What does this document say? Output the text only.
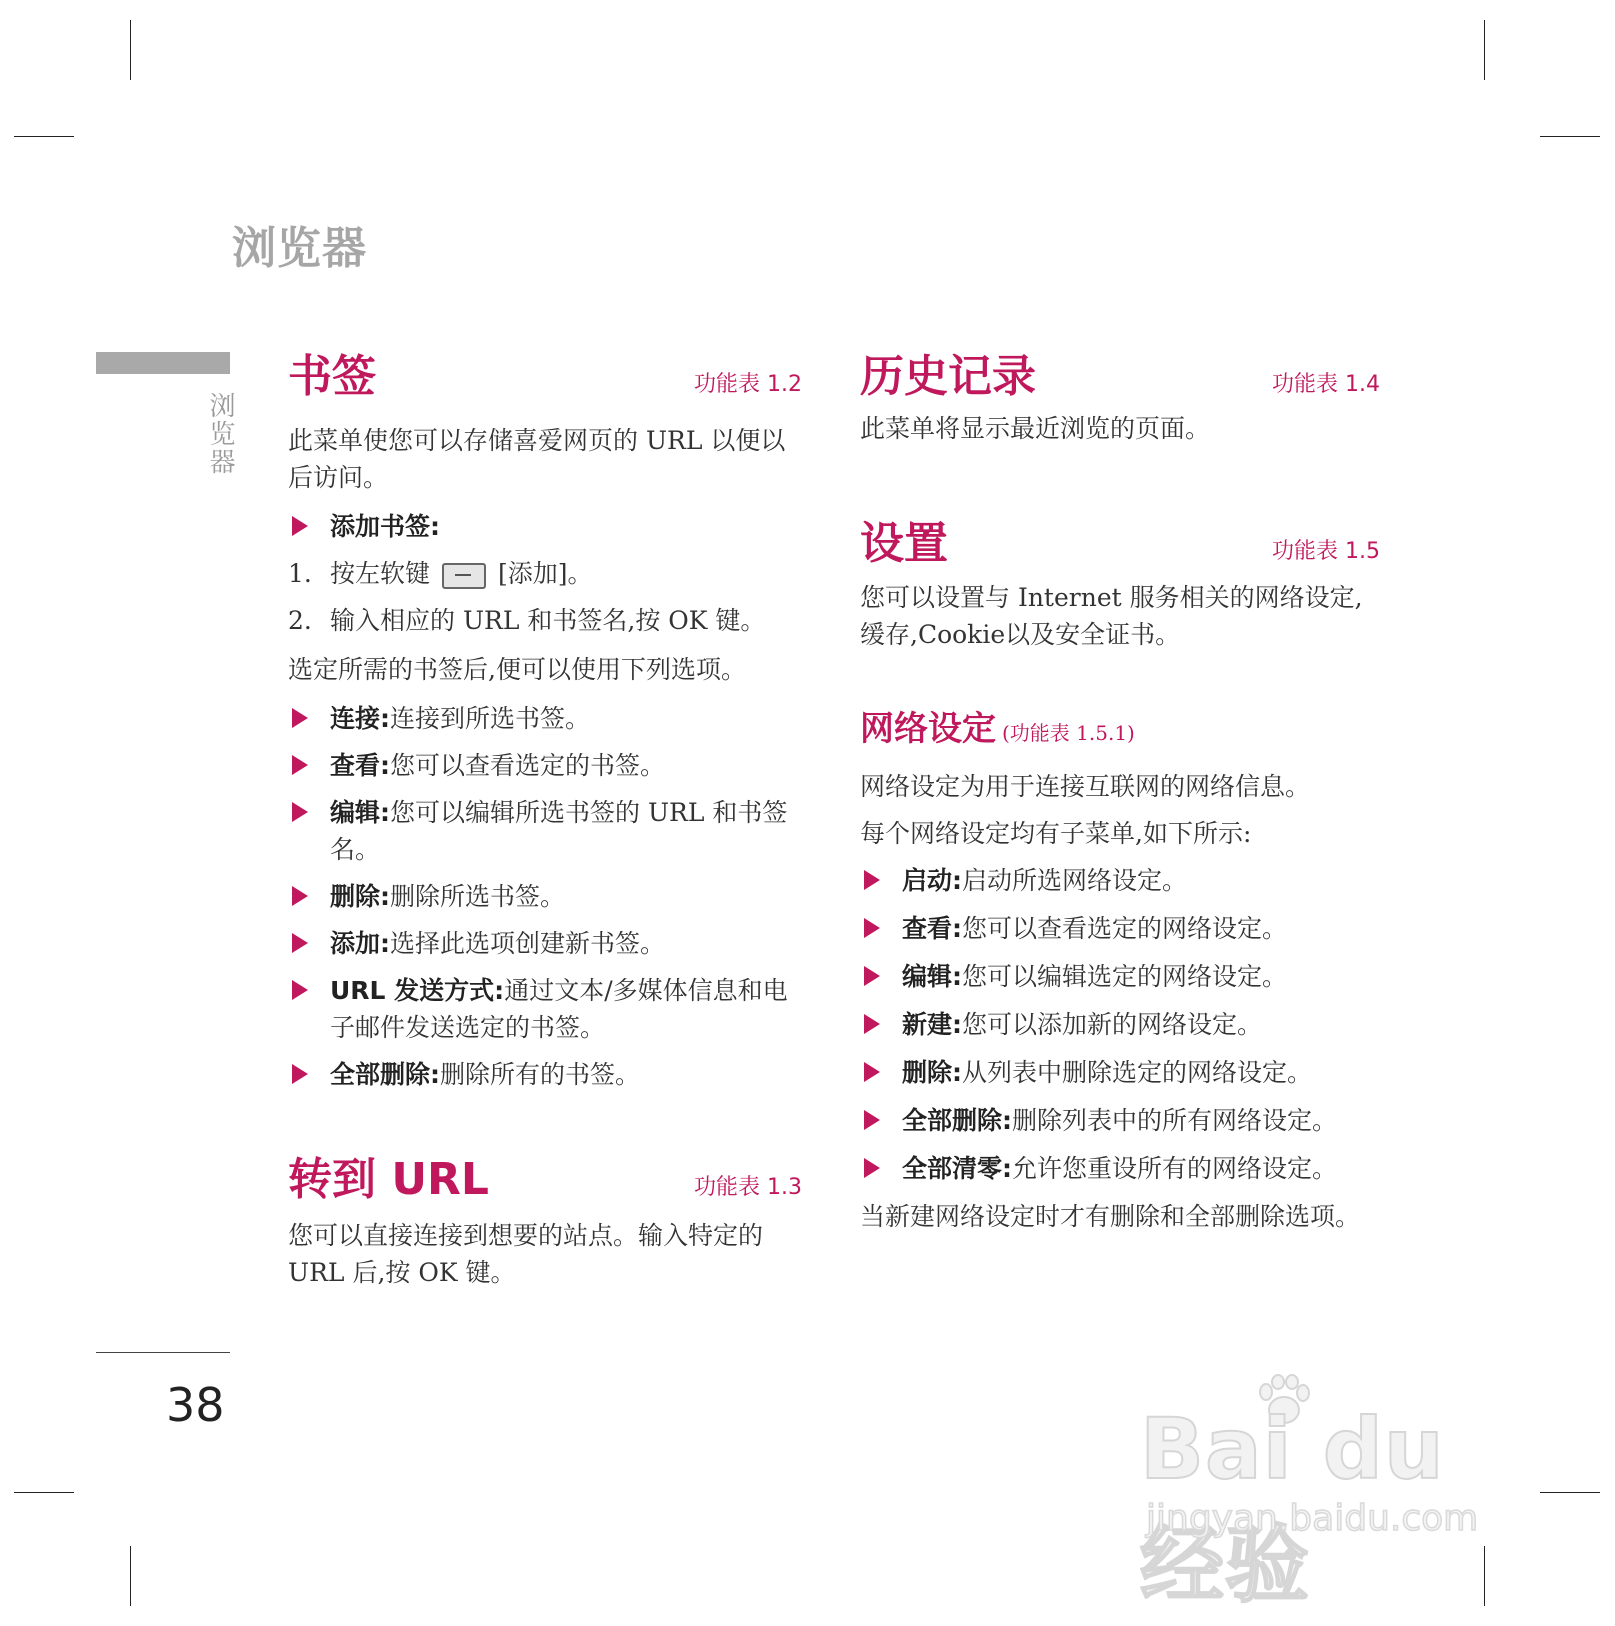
浏览器
浏览器
38
书签	功能表 1.2

此菜单使您可以存储喜爱网页的 URL 以便以后访问。

添加书签:
1. 按左软键	[添加]。
2. 输入相应的 URL 和书签名,按 OK 键。

选定所需的书签后,便可以使用下列选项。

连接:连接到所选书签。
查看:您可以查看选定的书签。
编辑:您可以编辑所选书签的 URL 和书签名。
删除:删除所选书签。
添加:选择此选项创建新书签。
URL 发送方式:通过文本/多媒体信息和电子邮件发送选定的书签。
全部删除:删除所有的书签。
转到 URL	功能表 1.3

您可以直接连接到想要的站点。输入特定的 URL 后,按 OK 键。

历史记录	功能表 1.4

此菜单将显示最近浏览的页面。

设置	功能表 1.5

您可以设置与 Internet 服务相关的网络设定,缓存,Cookie以及安全证书。

网络设定 (功能表 1.5.1)

网络设定为用于连接互联网的网络信息。

每个网络设定均有子菜单,如下所示:

启动:启动所选网络设定。
查看:您可以查看选定的网络设定。
编辑:您可以编辑选定的网络设定。
新建:您可以添加新的网络设定。
删除:从列表中删除选定的网络设定。
全部删除:删除列表中的所有网络设定。
全部清零:允许您重设所有的网络设定。

当新建网络设定时才有删除和全部删除选项。

Bai du 经验
jingyan.baidu.com
